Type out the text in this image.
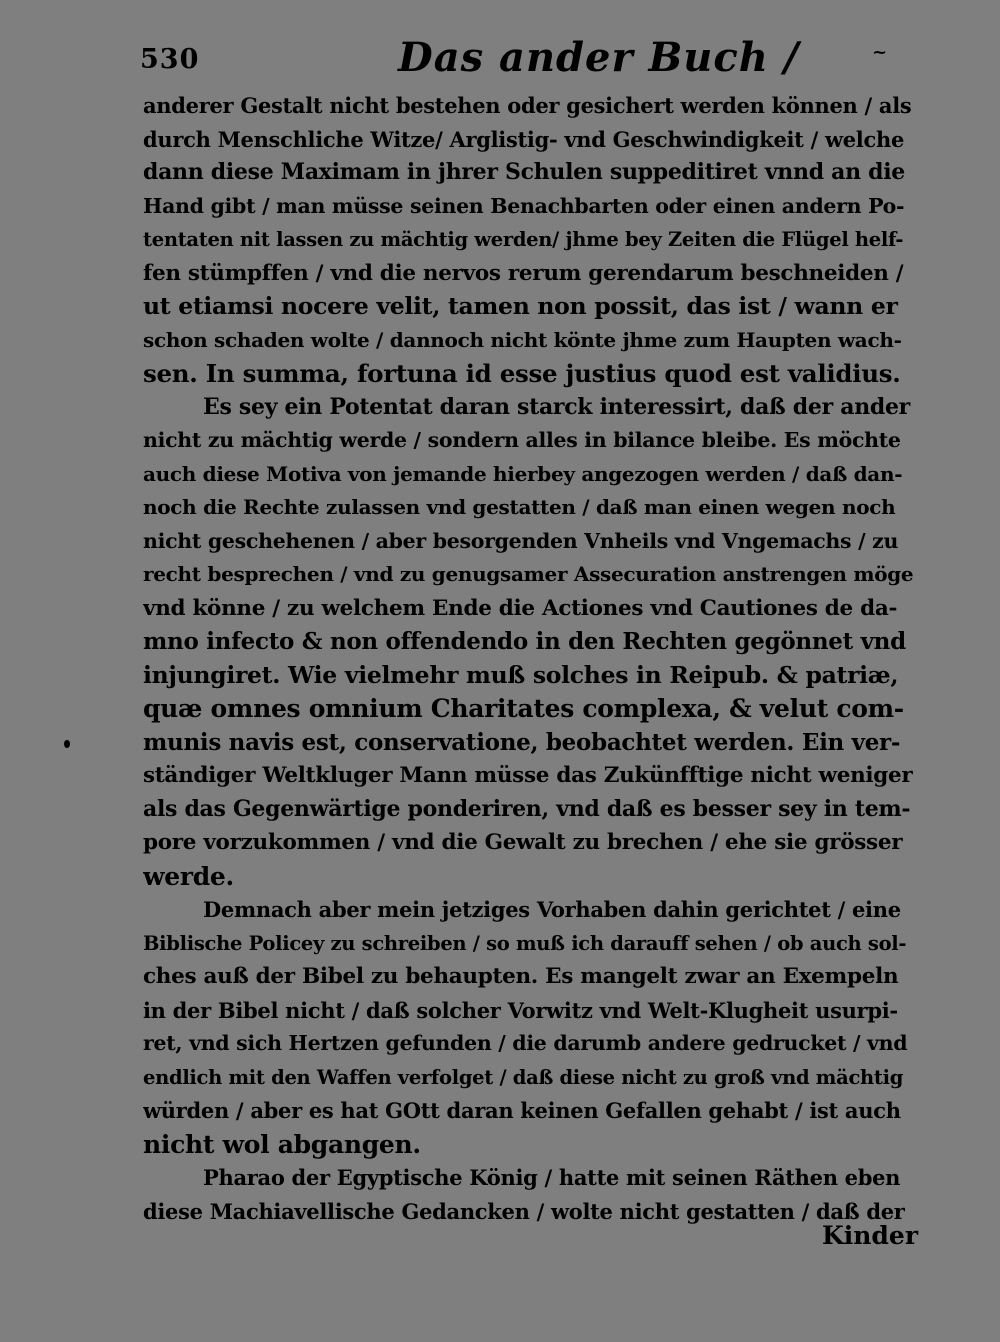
530	Das ander Buch /	~
anderer Gestalt nicht bestehen oder gesichert werden können / als
durch Menschliche Witze/ Arglistig- vnd Geschwindigkeit / welche
dann diese Maximam in jhrer Schulen suppeditiret vnnd an die
Hand gibt / man müsse seinen Benachbarten oder einen andern Po-
tentaten nit lassen zu mächtig werden/ jhme bey Zeiten die Flügel helf-
fen stümpffen / vnd die nervos rerum gerendarum beschneiden /
ut etiamsi nocere velit, tamen non possit, das ist / wann er
schon schaden wolte / dannoch nicht könte jhme zum Haupten wach-
sen. In summa, fortuna id esse justius quod est validius.
Es sey ein Potentat daran starck interessirt, daß der ander
nicht zu mächtig werde / sondern alles in bilance bleibe. Es möchte
auch diese Motiva von jemande hierbey angezogen werden / daß dan-
noch die Rechte zulassen vnd gestatten / daß man einen wegen noch
nicht geschehenen / aber besorgenden Vnheils vnd Vngemachs / zu
recht besprechen / vnd zu genugsamer Assecuration anstrengen möge
vnd könne / zu welchem Ende die Actiones vnd Cautiones de da-
mno infecto & non offendendo in den Rechten gegönnet vnd
injungiret. Wie vielmehr muß solches in Reipub. & patriæ,
quæ omnes omnium Charitates complexa, & velut com-
munis navis est, conservatione, beobachtet werden. Ein ver-
ständiger Weltkluger Mann müsse das Zukünfftige nicht weniger
als das Gegenwärtige ponderiren, vnd daß es besser sey in tem-
pore vorzukommen / vnd die Gewalt zu brechen / ehe sie grösser
werde.
Demnach aber mein jetziges Vorhaben dahin gerichtet / eine
Biblische Policey zu schreiben / so muß ich darauff sehen / ob auch sol-
ches auß der Bibel zu behaupten. Es mangelt zwar an Exempeln
in der Bibel nicht / daß solcher Vorwitz vnd Welt-Klugheit usurpi-
ret, vnd sich Hertzen gefunden / die darumb andere gedrucket / vnd
endlich mit den Waffen verfolget / daß diese nicht zu groß vnd mächtig
würden / aber es hat GOtt daran keinen Gefallen gehabt / ist auch
nicht wol abgangen.
Pharao der Egyptische König / hatte mit seinen Räthen eben
diese Machiavellische Gedancken / wolte nicht gestatten / daß der
Kinder
